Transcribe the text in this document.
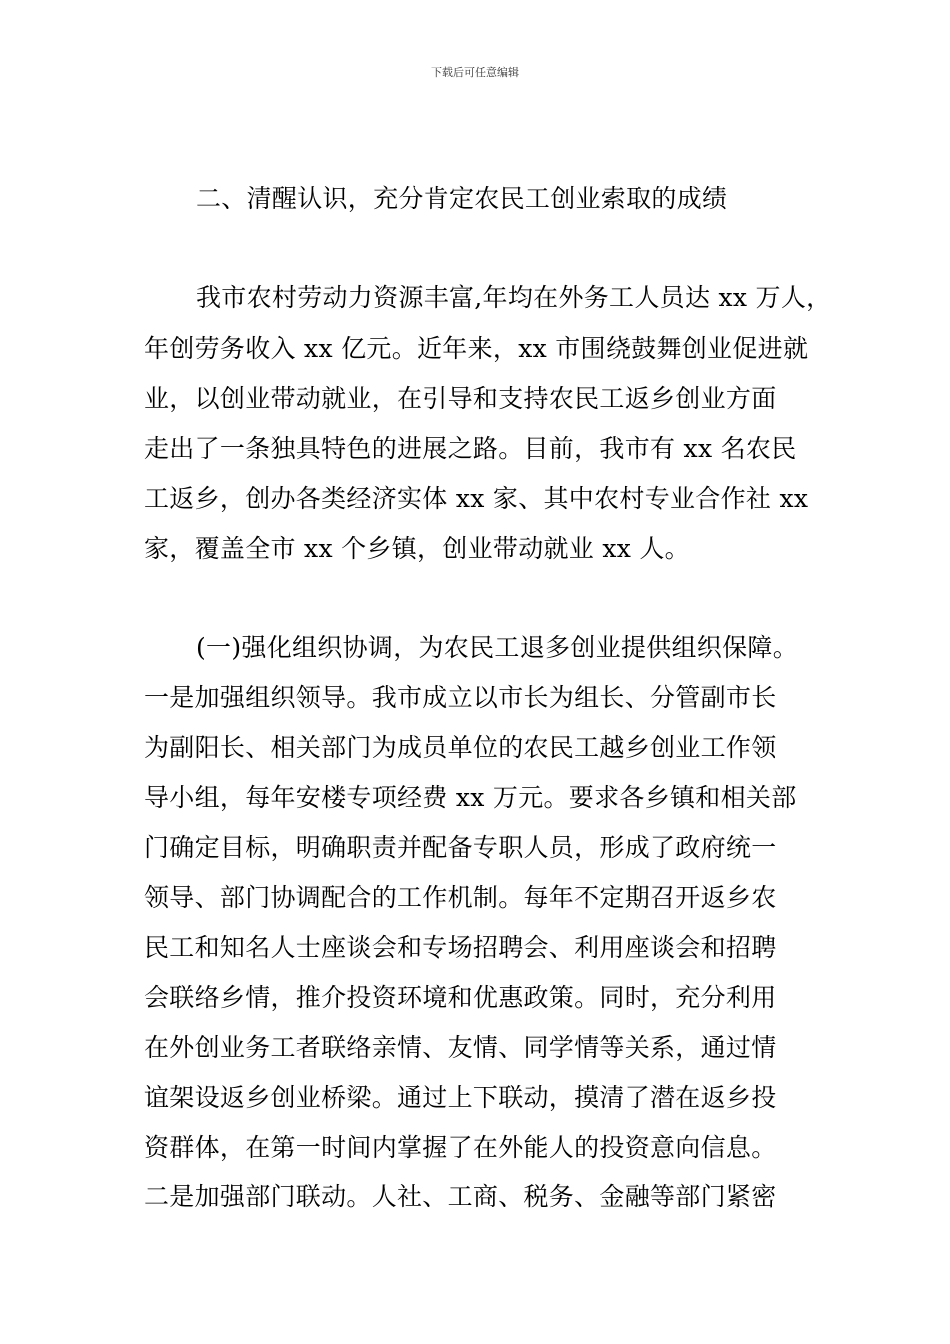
下载后可任意编辑
二、清醒认识，充分肯定农民工创业索取的成绩
我市农村劳动力资源丰富,年均在外务工人员达 xx 万人，
年创劳务收入 xx 亿元。近年来，xx 市围绕鼓舞创业促进就
业，以创业带动就业，在引导和支持农民工返乡创业方面
走出了一条独具特色的进展之路。目前，我市有 xx 名农民
工返乡，创办各类经济实体 xx 家、其中农村专业合作社 xx
家，覆盖全市 xx 个乡镇，创业带动就业 xx 人。
(一)强化组织协调，为农民工退多创业提供组织保障。
一是加强组织领导。我市成立以市长为组长、分管副市长
为副阳长、相关部门为成员单位的农民工越乡创业工作领
导小组，每年安楼专项经费 xx 万元。要求各乡镇和相关部
门确定目标，明确职责并配备专职人员，形成了政府统一
领导、部门协调配合的工作机制。每年不定期召开返乡农
民工和知名人士座谈会和专场招聘会、利用座谈会和招聘
会联络乡情，推介投资环境和优惠政策。同时，充分利用
在外创业务工者联络亲情、友情、同学情等关系，通过情
谊架设返乡创业桥梁。通过上下联动，摸清了潜在返乡投
资群体，在第一时间内掌握了在外能人的投资意向信息。
二是加强部门联动。人社、工商、税务、金融等部门紧密
